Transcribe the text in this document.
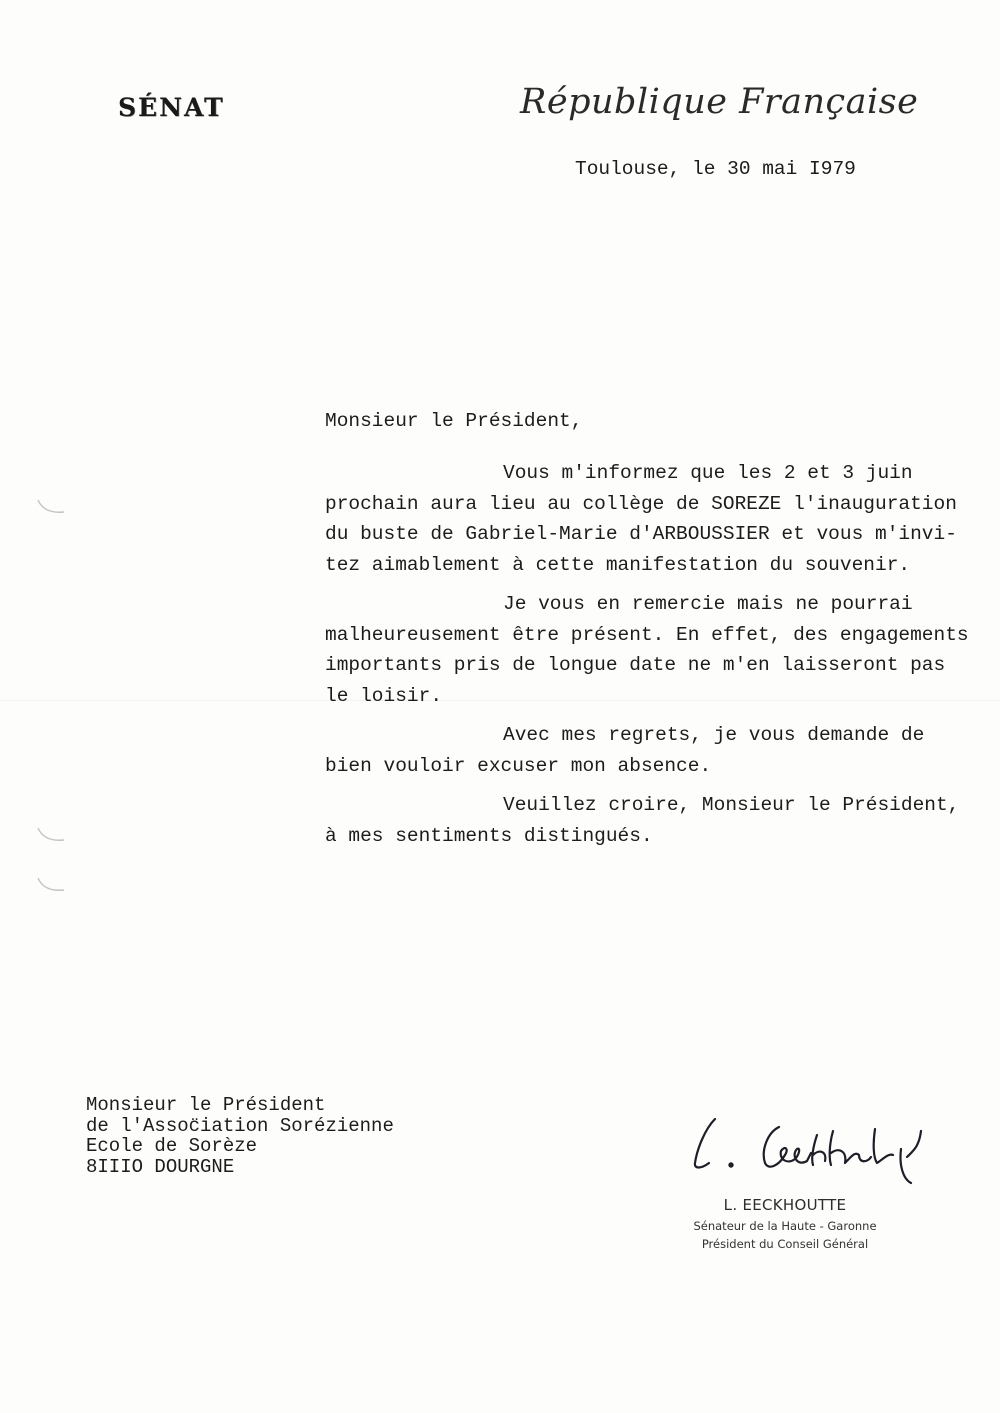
SÉNAT	République Française
Toulouse, le 30 mai I979
Monsieur le Président,
Vous m'informez que les 2 et 3 juin
prochain aura lieu au collège de SOREZE l'inauguration
du buste de Gabriel-Marie d'ARBOUSSIER et vous m'invi-
tez aimablement à cette manifestation du souvenir.
Je vous en remercie mais ne pourrai
malheureusement être présent. En effet, des engagements
importants pris de longue date ne m'en laisseront pas
le loisir.
Avec mes regrets, je vous demande de
bien vouloir excuser mon absence.
Veuillez croire, Monsieur le Président,
à mes sentiments distingués.
Monsieur le Président
de l'Assoc̈iation Sorézienne
Ecole de Sorèze
8IIIO DOURGNE
L. EECKHOUTTE
Sénateur de la Haute - Garonne
Président du Conseil Général
